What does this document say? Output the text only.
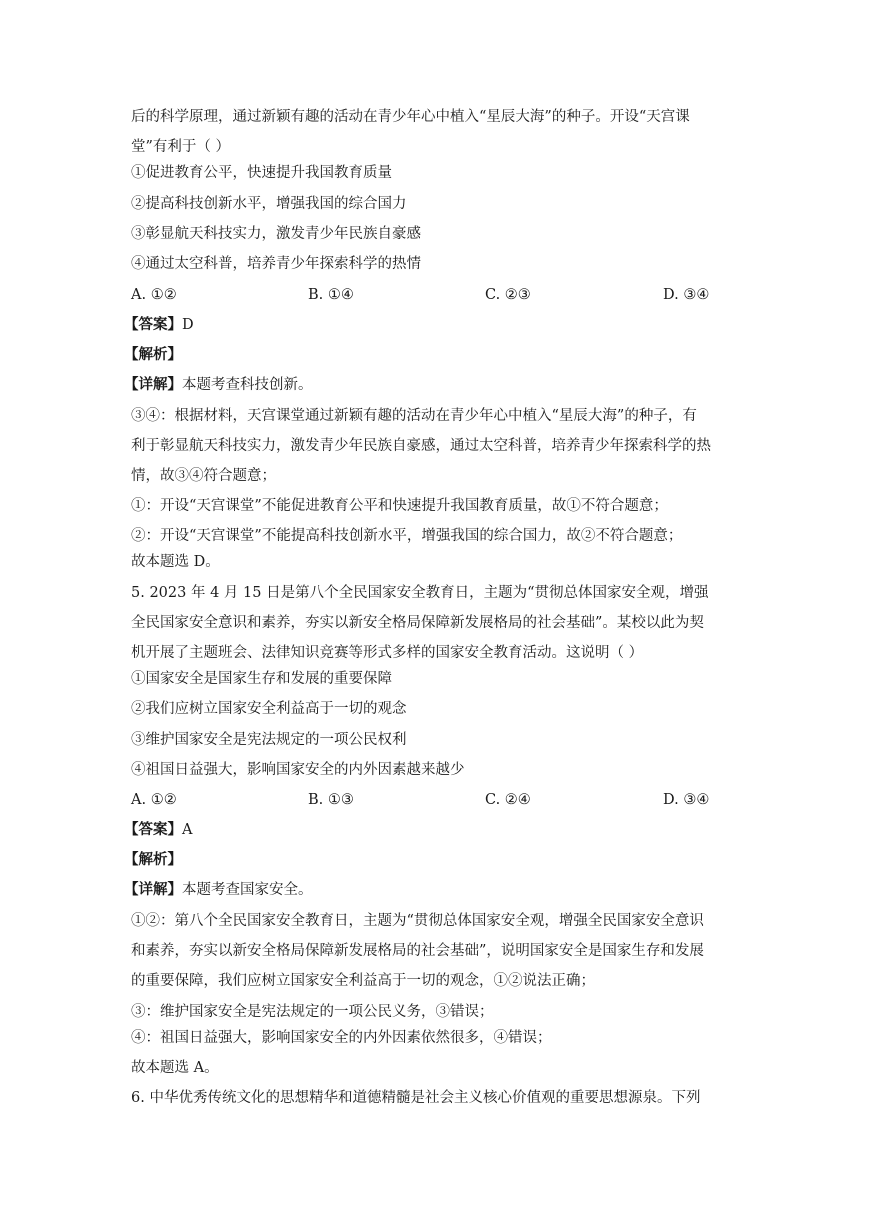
后的科学原理，通过新颖有趣的活动在青少年心中植入“星辰大海”的种子。开设“天宫课
堂”有利于（ ）
①促进教育公平，快速提升我国教育质量
②提高科技创新水平，增强我国的综合国力
③彰显航天科技实力，激发青少年民族自豪感
④通过太空科普，培养青少年探索科学的热情
A. ①②	B. ①④	C. ②③	D. ③④
【答案】D
【解析】
【详解】本题考查科技创新。
③④：根据材料，天宫课堂通过新颖有趣的活动在青少年心中植入“星辰大海”的种子，有
利于彰显航天科技实力，激发青少年民族自豪感，通过太空科普，培养青少年探索科学的热
情，故③④符合题意；
①：开设“天宫课堂”不能促进教育公平和快速提升我国教育质量，故①不符合题意；
②：开设“天宫课堂”不能提高科技创新水平，增强我国的综合国力，故②不符合题意；
故本题选 D。
5. 2023 年 4 月 15 日是第八个全民国家安全教育日，主题为“贯彻总体国家安全观，增强
全民国家安全意识和素养，夯实以新安全格局保障新发展格局的社会基础”。某校以此为契
机开展了主题班会、法律知识竞赛等形式多样的国家安全教育活动。这说明（ ）
①国家安全是国家生存和发展的重要保障
②我们应树立国家安全利益高于一切的观念
③维护国家安全是宪法规定的一项公民权利
④祖国日益强大，影响国家安全的内外因素越来越少
A. ①②	B. ①③	C. ②④	D. ③④
【答案】A
【解析】
【详解】本题考查国家安全。
①②：第八个全民国家安全教育日，主题为“贯彻总体国家安全观，增强全民国家安全意识
和素养，夯实以新安全格局保障新发展格局的社会基础”，说明国家安全是国家生存和发展
的重要保障，我们应树立国家安全利益高于一切的观念，①②说法正确；
③：维护国家安全是宪法规定的一项公民义务，③错误；
④：祖国日益强大，影响国家安全的内外因素依然很多，④错误；
故本题选 A。
6. 中华优秀传统文化的思想精华和道德精髓是社会主义核心价值观的重要思想源泉。下列
